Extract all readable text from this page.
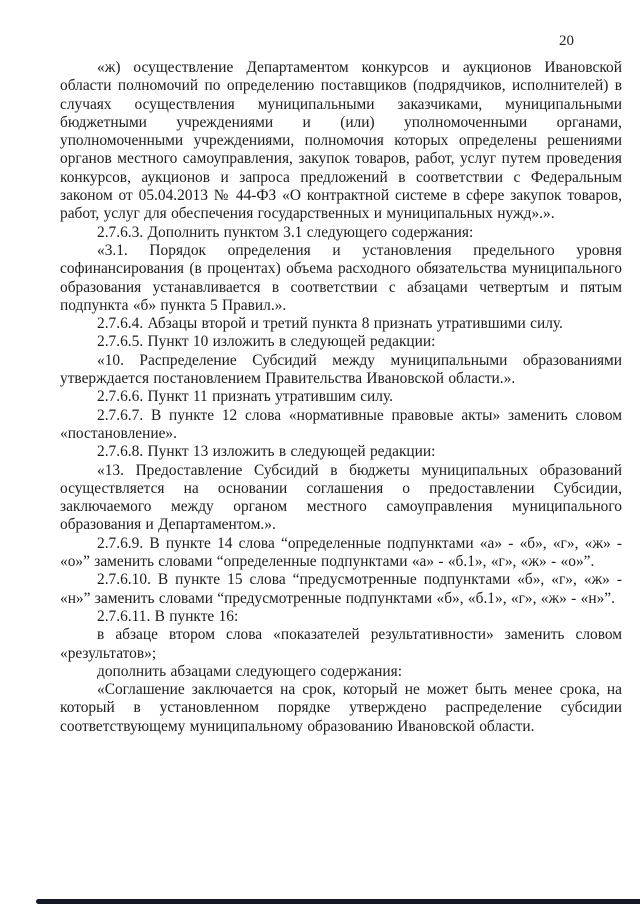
20

«ж) осуществление Департаментом конкурсов и аукционов Ивановской области полномочий по определению поставщиков (подрядчиков, исполнителей) в случаях осуществления муниципальными заказчиками, муниципальными бюджетными учреждениями и (или) уполномоченными органами, уполномоченными учреждениями, полномочия которых определены решениями органов местного самоуправления, закупок товаров, работ, услуг путем проведения конкурсов, аукционов и запроса предложений в соответствии с Федеральным законом от 05.04.2013 № 44-ФЗ «О контрактной системе в сфере закупок товаров, работ, услуг для обеспечения государственных и муниципальных нужд».».

2.7.6.3. Дополнить пунктом 3.1 следующего содержания:

«3.1. Порядок определения и установления предельного уровня софинансирования (в процентах) объема расходного обязательства муниципального образования устанавливается в соответствии с абзацами четвертым и пятым подпункта «б» пункта 5 Правил.».

2.7.6.4. Абзацы второй и третий пункта 8 признать утратившими силу.

2.7.6.5. Пункт 10 изложить в следующей редакции:

«10. Распределение Субсидий между муниципальными образованиями утверждается постановлением Правительства Ивановской области.».

2.7.6.6. Пункт 11 признать утратившим силу.

2.7.6.7. В пункте 12 слова «нормативные правовые акты» заменить словом «постановление».

2.7.6.8. Пункт 13 изложить в следующей редакции:

«13. Предоставление Субсидий в бюджеты муниципальных образований осуществляется на основании соглашения о предоставлении Субсидии, заключаемого между органом местного самоуправления муниципального образования и Департаментом.».

2.7.6.9. В пункте 14 слова “определенные подпунктами «а» - «б», «г», «ж» - «о»” заменить словами “определенные подпунктами «а» - «б.1», «г», «ж» - «о»”.

2.7.6.10. В пункте 15 слова “предусмотренные подпунктами «б», «г», «ж» - «н»” заменить словами “предусмотренные подпунктами «б», «б.1», «г», «ж» - «н»”.

2.7.6.11. В пункте 16:

в абзаце втором слова «показателей результативности» заменить словом «результатов»;

дополнить абзацами следующего содержания:

«Соглашение заключается на срок, который не может быть менее срока, на который в установленном порядке утверждено распределение субсидии соответствующему муниципальному образованию Ивановской области.
